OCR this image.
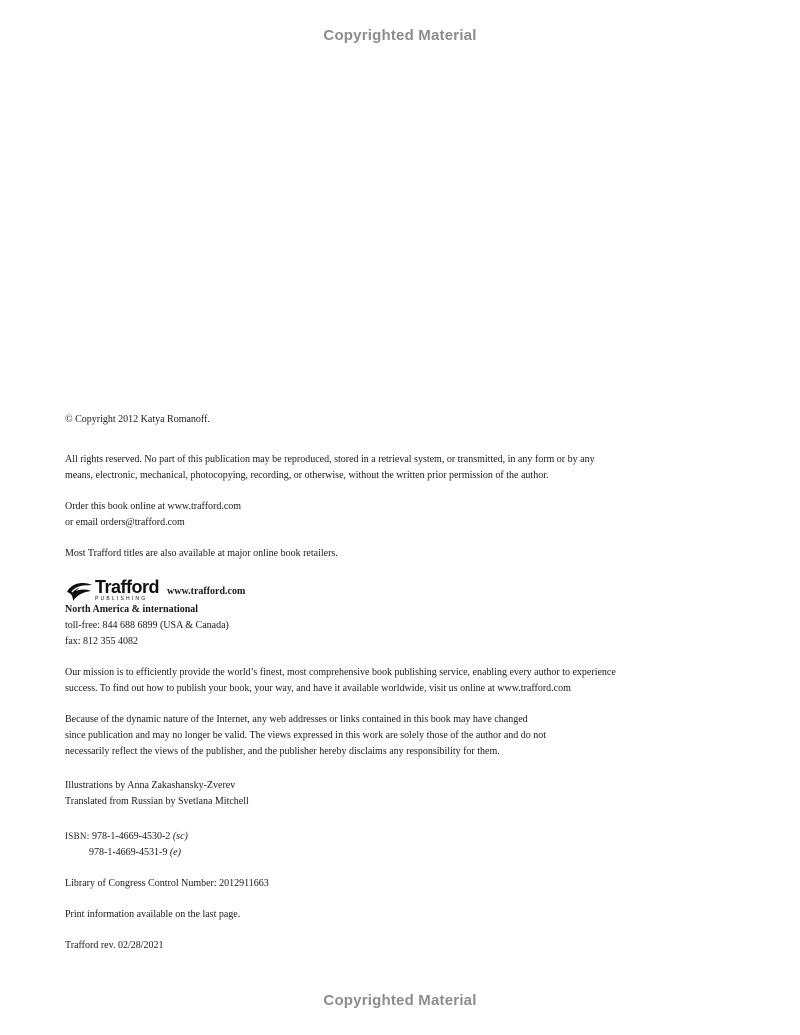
Copyrighted Material

© Copyright 2012 Katya Romanoff.

All rights reserved. No part of this publication may be reproduced, stored in a retrieval system, or transmitted, in any form or by any

means, electronic, mechanical, photocopying, recording, or otherwise, without the written prior permission of the author.

Order this book online at www.trafford.com

or email orders@trafford.com

Most Trafford titles are also available at major online book retailers.

Trafford
PUBLISHING
www.trafford.com

North America & international

toll-free: 844 688 6899 (USA & Canada)

fax: 812 355 4082

Our mission is to efficiently provide the world’s finest, most comprehensive book publishing service, enabling every author to experience

success. To find out how to publish your book, your way, and have it available worldwide, visit us online at www.trafford.com

Because of the dynamic nature of the Internet, any web addresses or links contained in this book may have changed

since publication and may no longer be valid. The views expressed in this work are solely those of the author and do not

necessarily reflect the views of the publisher, and the publisher hereby disclaims any responsibility for them.

Illustrations by Anna Zakashansky-Zverev

Translated from Russian by Svetlana Mitchell

ISBN: 978-1-4669-4530-2 (sc)

978-1-4669-4531-9 (e)

Library of Congress Control Number: 2012911663

Print information available on the last page.

Trafford rev. 02/28/2021

Copyrighted Material
